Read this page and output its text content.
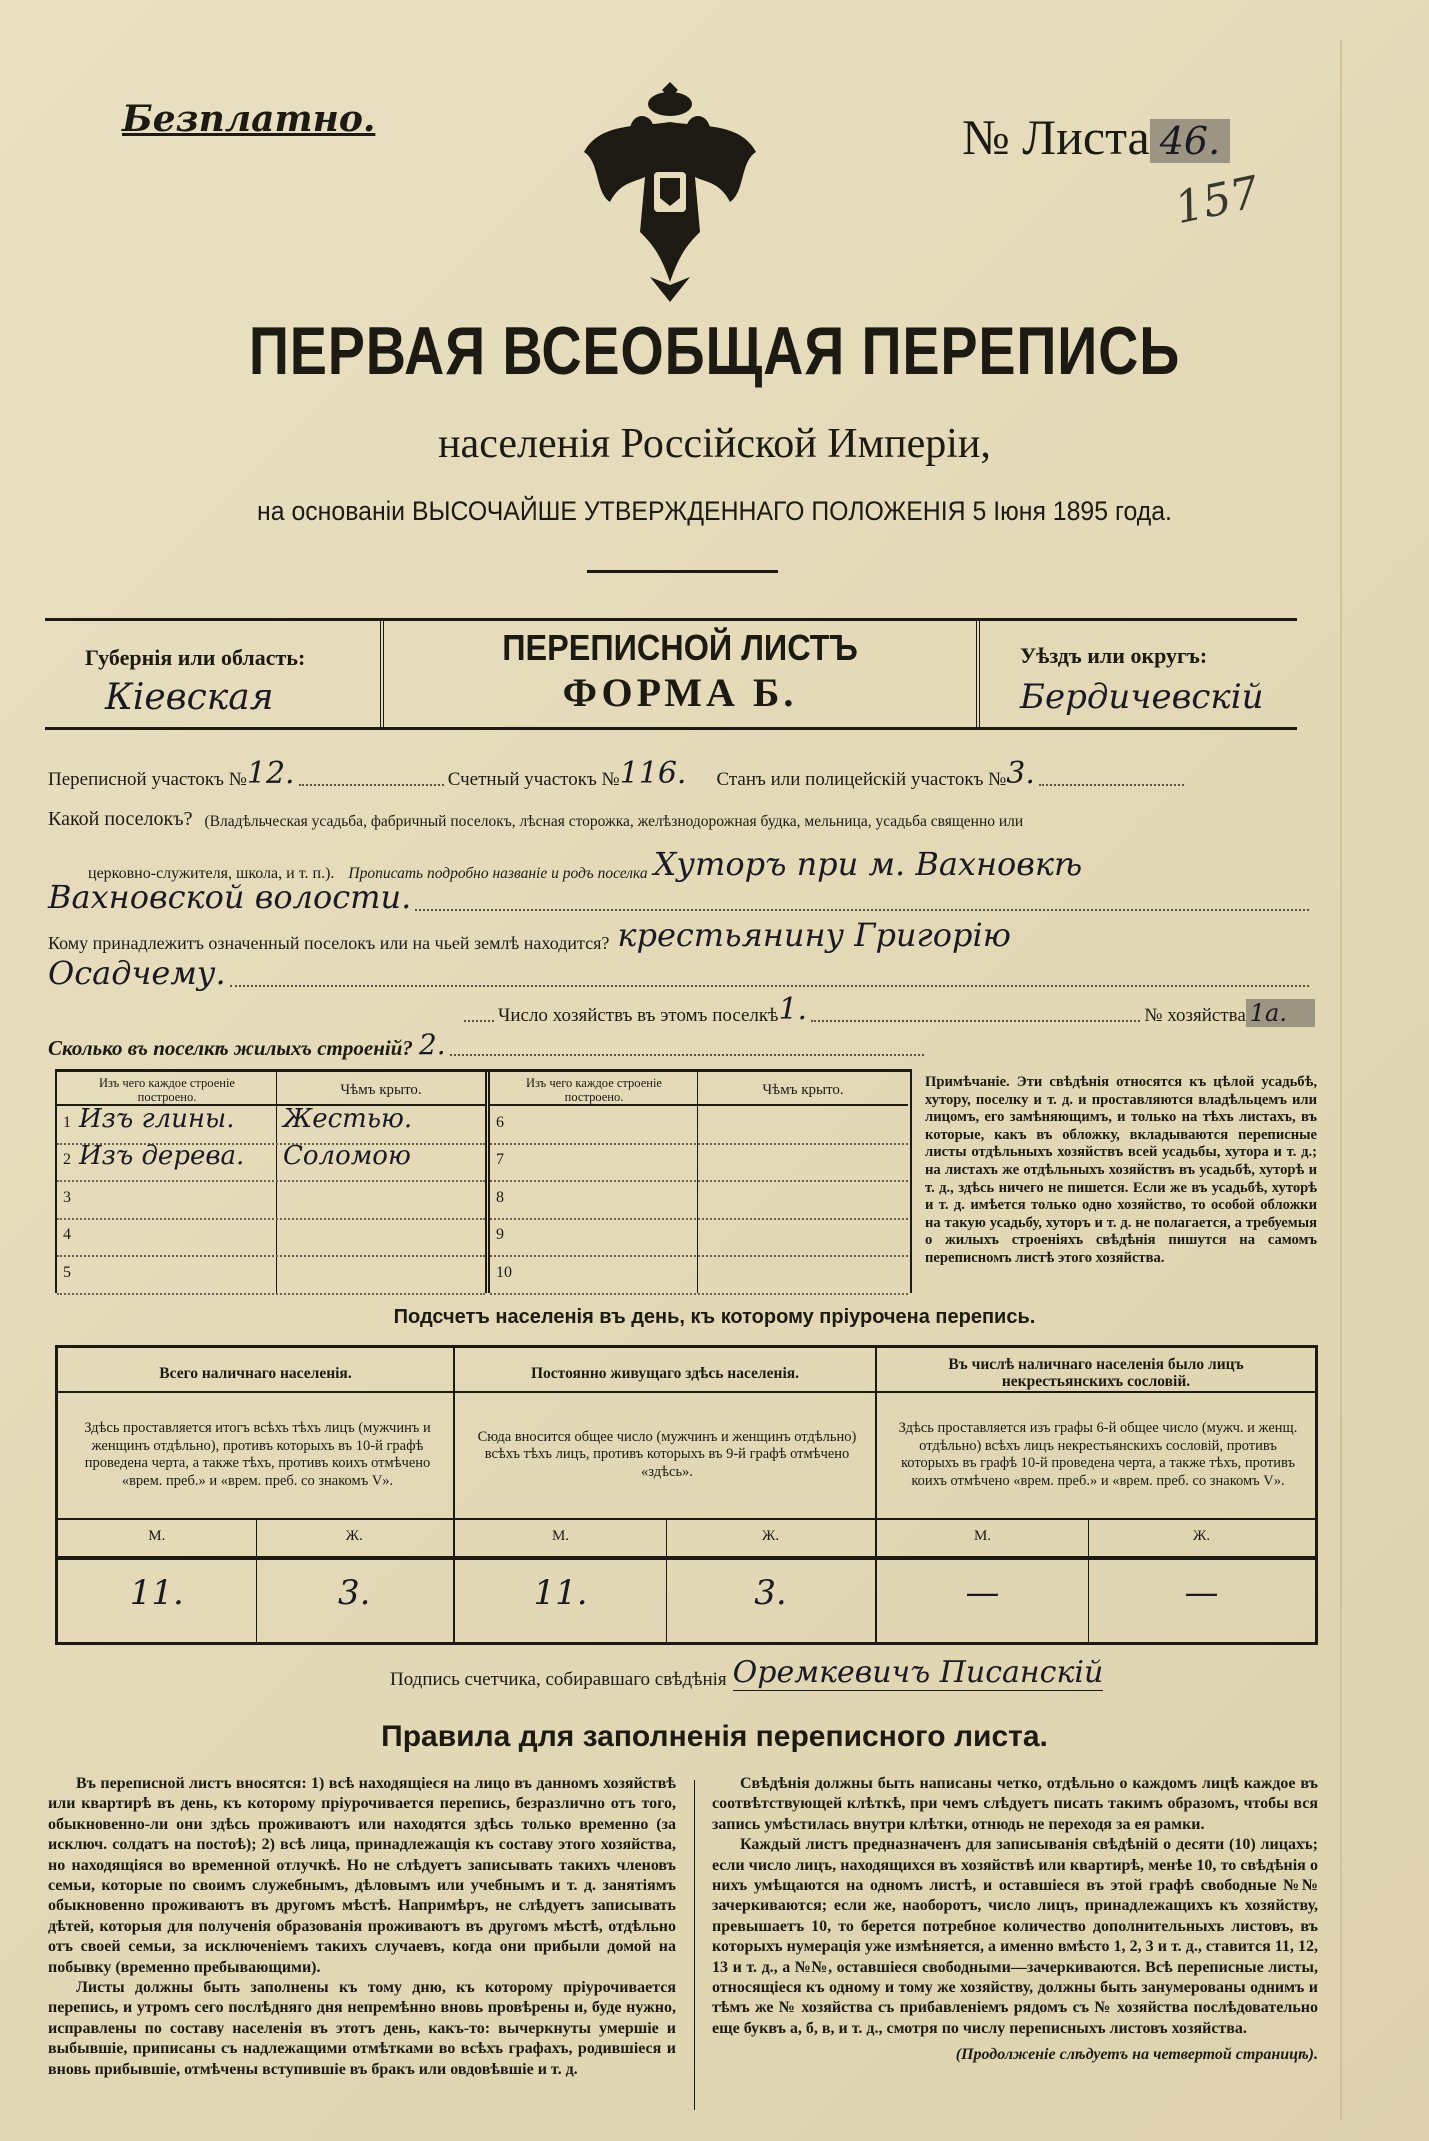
Безплатно.	№ Листа 46.
157
ПЕРВАЯ ВСЕОБЩАЯ ПЕРЕПИСЬ
населенія Россійской Имперіи,
на основаніи ВЫСОЧАЙШЕ УТВЕРЖДЕННАГО ПОЛОЖЕНІЯ 5 Іюня 1895 года.
Губернія или область:
Кіевская
ПЕРЕПИСНОЙ ЛИСТЪ
ФОРМА Б.
Уѣздъ или округъ:
Бердичевскій
Переписной участокъ № 12.	Счетный участокъ № 116. Станъ или полицейскій участокъ № 3.
Какой поселокъ? (Владѣльческая усадьба, фабричный поселокъ, лѣсная сторожка, желѣзнодорожная будка, мельница, усадьба священно или
церковно-служителя, школа, и т. п.). Прописать подробно названіе и родъ поселка Хуторъ при м. Вахновкѣ
Вахновской волости.
Кому принадлежитъ означенный поселокъ или на чьей землѣ находится? крестьянину Григорію
Осадчему.
Число хозяйствъ въ этомъ поселкѣ 1.	№ хозяйства 1а.
Сколько въ поселкѣ жилыхъ строеній? 2.
Изъ чего каждое строеніе построено.	Чѣмъ крыто.
1 Изъ глины. Жестью.
2 Изъ дерева. Соломою
3
4
5
Изъ чего каждое строеніе построено.	Чѣмъ крыто.
6
7
8
9
10
Примѣчаніе. Эти свѣдѣнія относятся къ цѣлой усадьбѣ, хутору, поселку и т. д. и проставляются владѣльцемъ или лицомъ, его замѣняющимъ, и только на тѣхъ листахъ, въ которые, какъ въ обложку, вкладываются переписные листы отдѣльныхъ хозяйствъ всей усадьбы, хутора и т. д.; на листахъ же отдѣльныхъ хозяйствъ въ усадьбѣ, хуторѣ и т. д., здѣсь ничего не пишется. Если же въ усадьбѣ, хуторѣ и т. д. имѣется только одно хозяйство, то особой обложки на такую усадьбу, хуторъ и т. д. не полагается, а требуемыя о жилыхъ строеніяхъ свѣдѣнія пишутся на самомъ переписномъ листѣ этого хозяйства.
Подсчетъ населенія въ день, къ которому пріурочена перепись.
Всего наличнаго населенія.
Здѣсь проставляется итогъ всѣхъ тѣхъ лицъ (мужчинъ и женщинъ отдѣльно), противъ которыхъ въ 10-й графѣ проведена черта, а также тѣхъ, противъ коихъ отмѣчено «врем. преб.» и «врем. преб. со знакомъ V».
М.	Ж.
11.	3.
Постоянно живущаго здѣсь населенія.
Сюда вносится общее число (мужчинъ и женщинъ отдѣльно) всѣхъ тѣхъ лицъ, противъ которыхъ въ 9-й графѣ отмѣчено «здѣсь».
М.	Ж.
11.	3.
Въ числѣ наличнаго населенія было лицъ некрестьянскихъ сословій.
Здѣсь проставляется изъ графы 6-й общее число (мужч. и женщ. отдѣльно) всѣхъ лицъ некрестьянскихъ сословій, противъ которыхъ въ графѣ 10-й проведена черта, а также тѣхъ, противъ коихъ отмѣчено «врем. преб.» и «врем. преб. со знакомъ V».
М.	Ж.
—	—
Подпись счетчика, собиравшаго свѣдѣнія Оремкевичъ Писанскій
Правила для заполненія переписного листа.

Въ переписной листъ вносятся: 1) всѣ находящіеся на лицо въ данномъ хозяйствѣ или квартирѣ въ день, къ которому пріурочивается перепись, безразлично отъ того, обыкновенно-ли они здѣсь проживаютъ или находятся здѣсь только временно (за исключ. солдатъ на постоѣ); 2) всѣ лица, принадлежащія къ составу этого хозяйства, но находящіяся во временной отлучкѣ. Но не слѣдуетъ записывать такихъ членовъ семьи, которые по своимъ служебнымъ, дѣловымъ или учебнымъ и т. д. занятіямъ обыкновенно проживаютъ въ другомъ мѣстѣ. Напримѣръ, не слѣдуетъ записывать дѣтей, которыя для полученія образованія проживаютъ въ другомъ мѣстѣ, отдѣльно отъ своей семьи, за исключеніемъ такихъ случаевъ, когда они прибыли домой на побывку (временно пребывающими).

Листы должны быть заполнены къ тому дню, къ которому пріурочивается перепись, и утромъ сего послѣдняго дня непремѣнно вновь провѣрены и, буде нужно, исправлены по составу населенія въ этотъ день, какъ-то: вычеркнуты умершіе и выбывшіе, приписаны съ надлежащими отмѣтками во всѣхъ графахъ, родившіеся и вновь прибывшіе, отмѣчены вступившіе въ бракъ или овдовѣвшіе и т. д.

Свѣдѣнія должны быть написаны четко, отдѣльно о каждомъ лицѣ каждое въ соотвѣтствующей клѣткѣ, при чемъ слѣдуетъ писать такимъ образомъ, чтобы вся запись умѣстилась внутри клѣтки, отнюдь не переходя за ея рамки.

Каждый листъ предназначенъ для записыванія свѣдѣній о десяти (10) лицахъ; если число лицъ, находящихся въ хозяйствѣ или квартирѣ, менѣе 10, то свѣдѣнія о нихъ умѣщаются на одномъ листѣ, и оставшіеся въ этой графѣ свободные №№ зачеркиваются; если же, наоборотъ, число лицъ, принадлежащихъ къ хозяйству, превышаетъ 10, то берется потребное количество дополнительныхъ листовъ, въ которыхъ нумерація уже измѣняется, а именно вмѣсто 1, 2, 3 и т. д., ставится 11, 12, 13 и т. д., а №№, оставшіеся свободными—зачеркиваются. Всѣ переписные листы, относящіеся къ одному и тому же хозяйству, должны быть занумерованы однимъ и тѣмъ же № хозяйства съ прибавленіемъ рядомъ съ № хозяйства послѣдовательно еще буквъ а, б, в, и т. д., смотря по числу переписныхъ листовъ хозяйства.

(Продолженіе слѣдуетъ на четвертой страницѣ).
